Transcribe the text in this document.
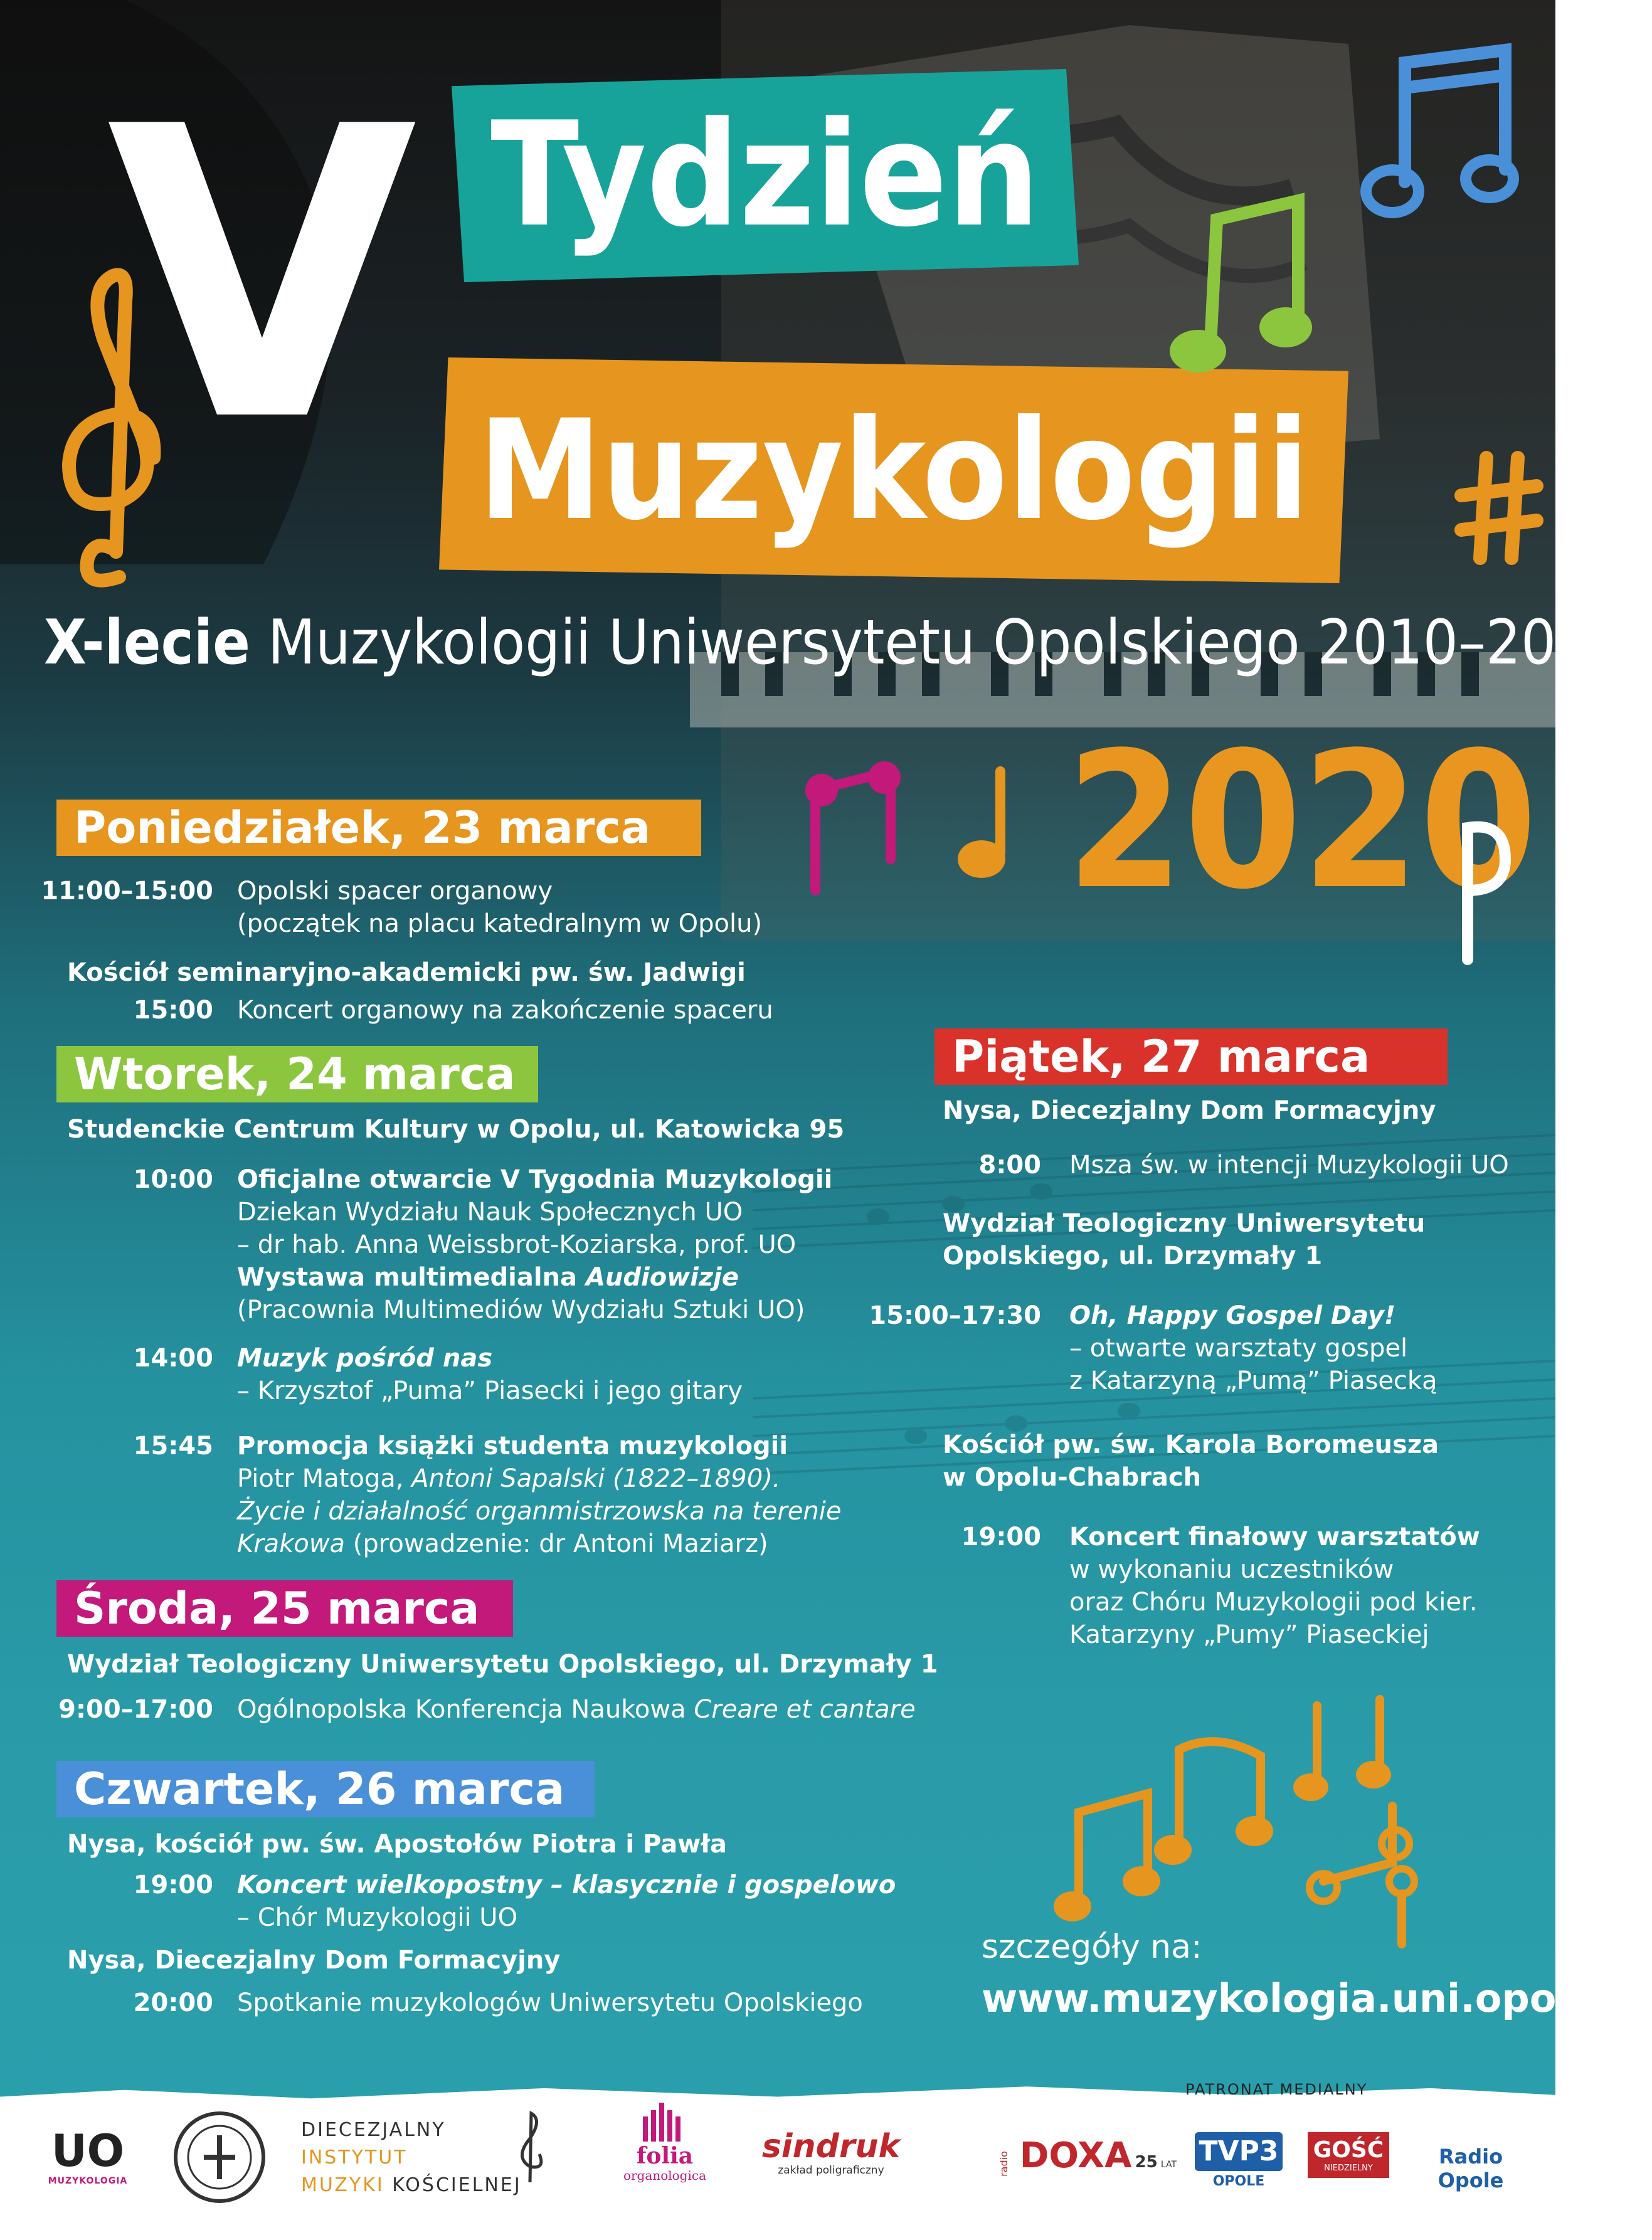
V Tydzień
Muzykologii
X-lecie Muzykologii Uniwersytetu Opolskiego 2010–2020
2020
Poniedziałek, 23 marca
11:00–15:00 Opolski spacer organowy
(początek na placu katedralnym w Opolu)
Kościół seminaryjno-akademicki pw. św. Jadwigi
15:00 Koncert organowy na zakończenie spaceru
Wtorek, 24 marca
Studenckie Centrum Kultury w Opolu, ul. Katowicka 95
10:00 Oficjalne otwarcie V Tygodnia Muzykologii
Dziekan Wydziału Nauk Społecznych UO
– dr hab. Anna Weissbrot-Koziarska, prof. UO
Wystawa multimedialna Audiowizje
(Pracownia Multimediów Wydziału Sztuki UO)
14:00 Muzyk pośród nas
– Krzysztof „Puma” Piasecki i jego gitary
15:45 Promocja książki studenta muzykologii
Piotr Matoga, Antoni Sapalski (1822–1890).
Życie i działalność organmistrzowska na terenie
Krakowa (prowadzenie: dr Antoni Maziarz)
Środa, 25 marca
Wydział Teologiczny Uniwersytetu Opolskiego, ul. Drzymały 1
9:00–17:00 Ogólnopolska Konferencja Naukowa Creare et cantare
Czwartek, 26 marca
Nysa, kościół pw. św. Apostołów Piotra i Pawła
19:00 Koncert wielkopostny – klasycznie i gospelowo
– Chór Muzykologii UO
Nysa, Diecezjalny Dom Formacyjny
20:00 Spotkanie muzykologów Uniwersytetu Opolskiego
Piątek, 27 marca
Nysa, Diecezjalny Dom Formacyjny
8:00 Msza św. w intencji Muzykologii UO
Wydział Teologiczny Uniwersytetu
Opolskiego, ul. Drzymały 1
15:00–17:30 Oh, Happy Gospel Day!
– otwarte warsztaty gospel
z Katarzyną „Pumą” Piasecką
Kościół pw. św. Karola Boromeusza
w Opolu-Chabrach
19:00 Koncert finałowy warsztatów
w wykonaniu uczestników
oraz Chóru Muzykologii pod kier.
Katarzyny „Pumy” Piaseckiej
szczegóły na:
www.muzykologia.uni.opole.pl
UO
MUZYKOLOGIA
DIECEZJALNY INSTYTUT
MUZYKI KOŚCIELNEJ
folia
organologica
sindruk
zakład poligraficzny
PATRONAT MEDIALNY
radio DOXA 25 LAT TVP3
OPOLE
GOŚĆ
NIEDZIELNY	Radio Opole
